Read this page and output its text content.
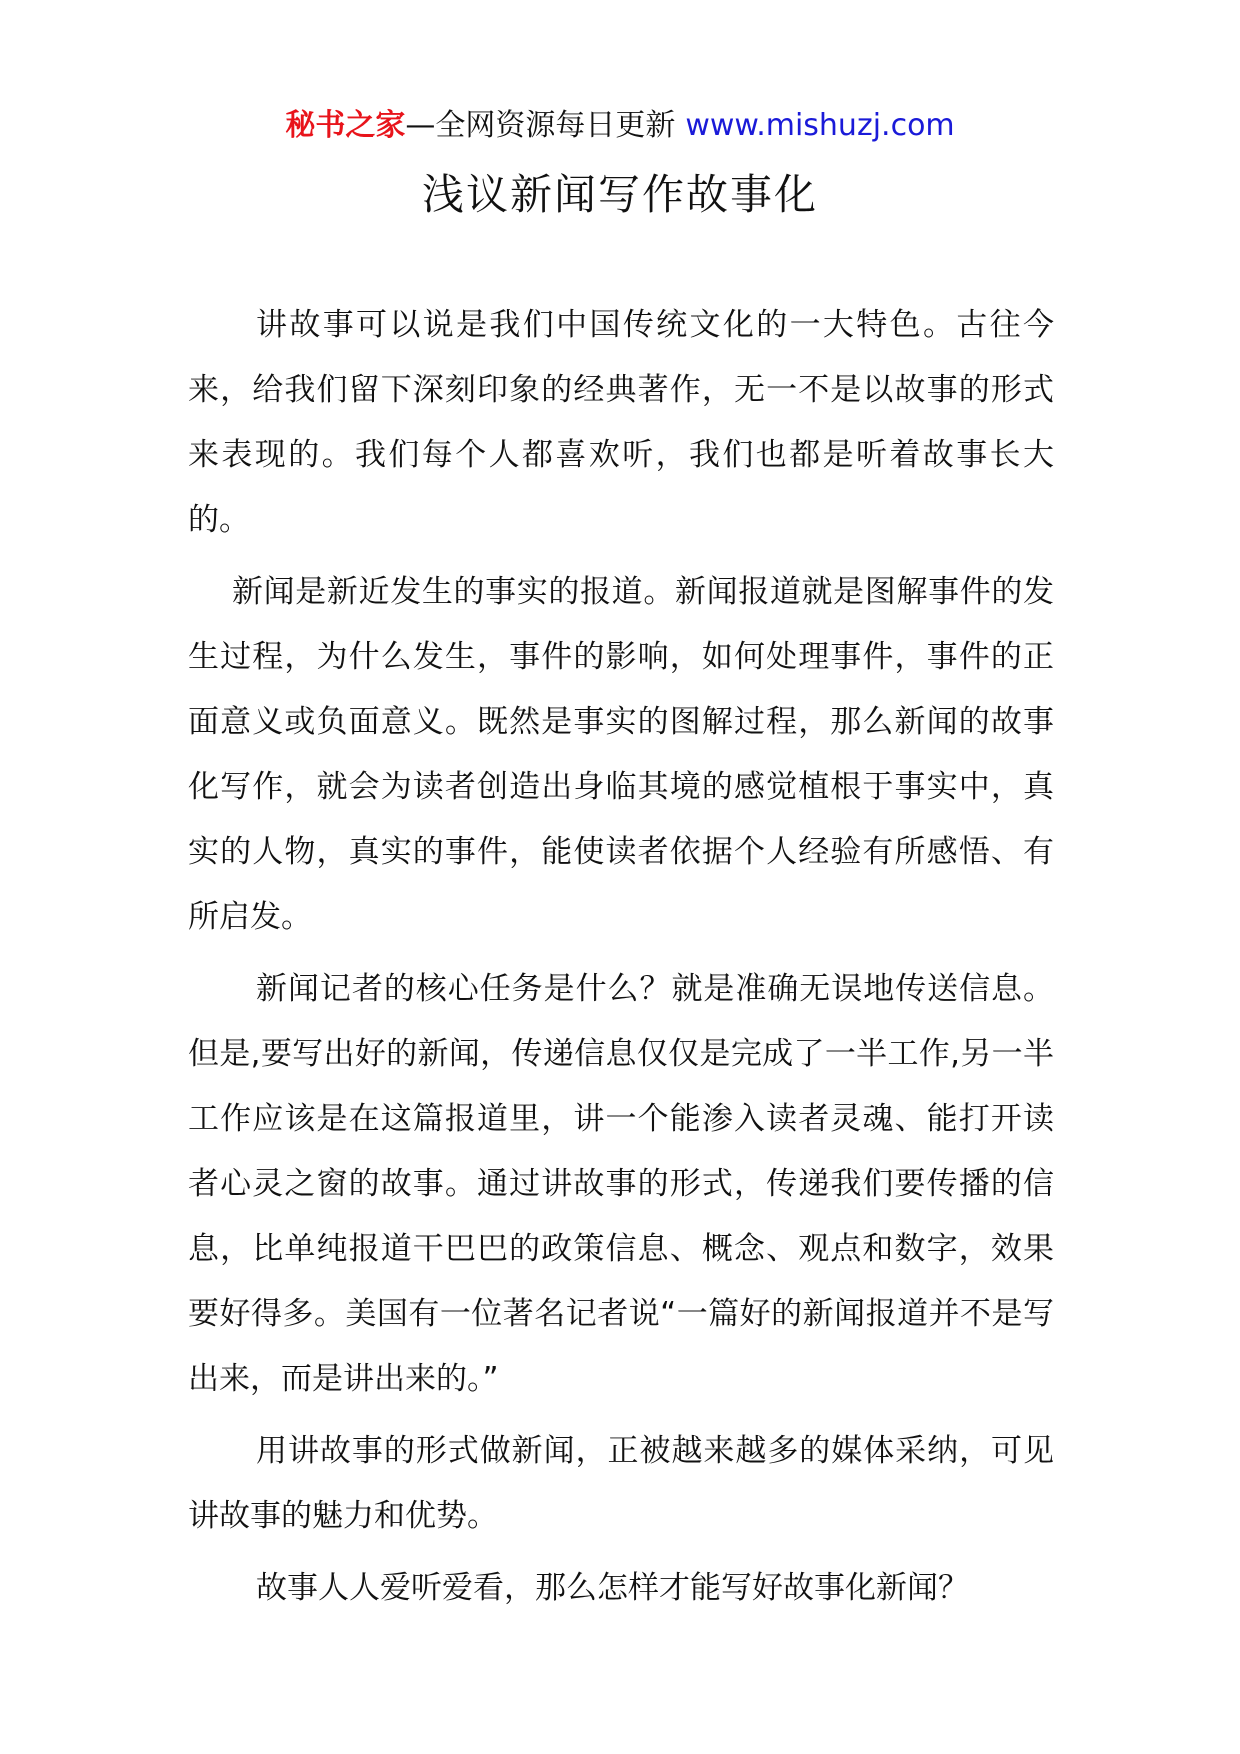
秘书之家—全网资源每日更新 www.mishuzj.com
浅议新闻写作故事化

讲故事可以说是我们中国传统文化的一大特色。古往今来，给我们留下深刻印象的经典著作，无一不是以故事的形式来表现的。我们每个人都喜欢听，我们也都是听着故事长大的。

新闻是新近发生的事实的报道。新闻报道就是图解事件的发生过程，为什么发生，事件的影响，如何处理事件，事件的正面意义或负面意义。既然是事实的图解过程，那么新闻的故事化写作，就会为读者创造出身临其境的感觉植根于事实中，真实的人物，真实的事件，能使读者依据个人经验有所感悟、有所启发。

新闻记者的核心任务是什么？就是准确无误地传送信息。但是,要写出好的新闻，传递信息仅仅是完成了一半工作,另一半工作应该是在这篇报道里，讲一个能渗入读者灵魂、能打开读者心灵之窗的故事。通过讲故事的形式，传递我们要传播的信息，比单纯报道干巴巴的政策信息、概念、观点和数字，效果要好得多。美国有一位著名记者说“一篇好的新闻报道并不是写出来，而是讲出来的。”

用讲故事的形式做新闻，正被越来越多的媒体采纳，可见讲故事的魅力和优势。

故事人人爱听爱看，那么怎样才能写好故事化新闻？
